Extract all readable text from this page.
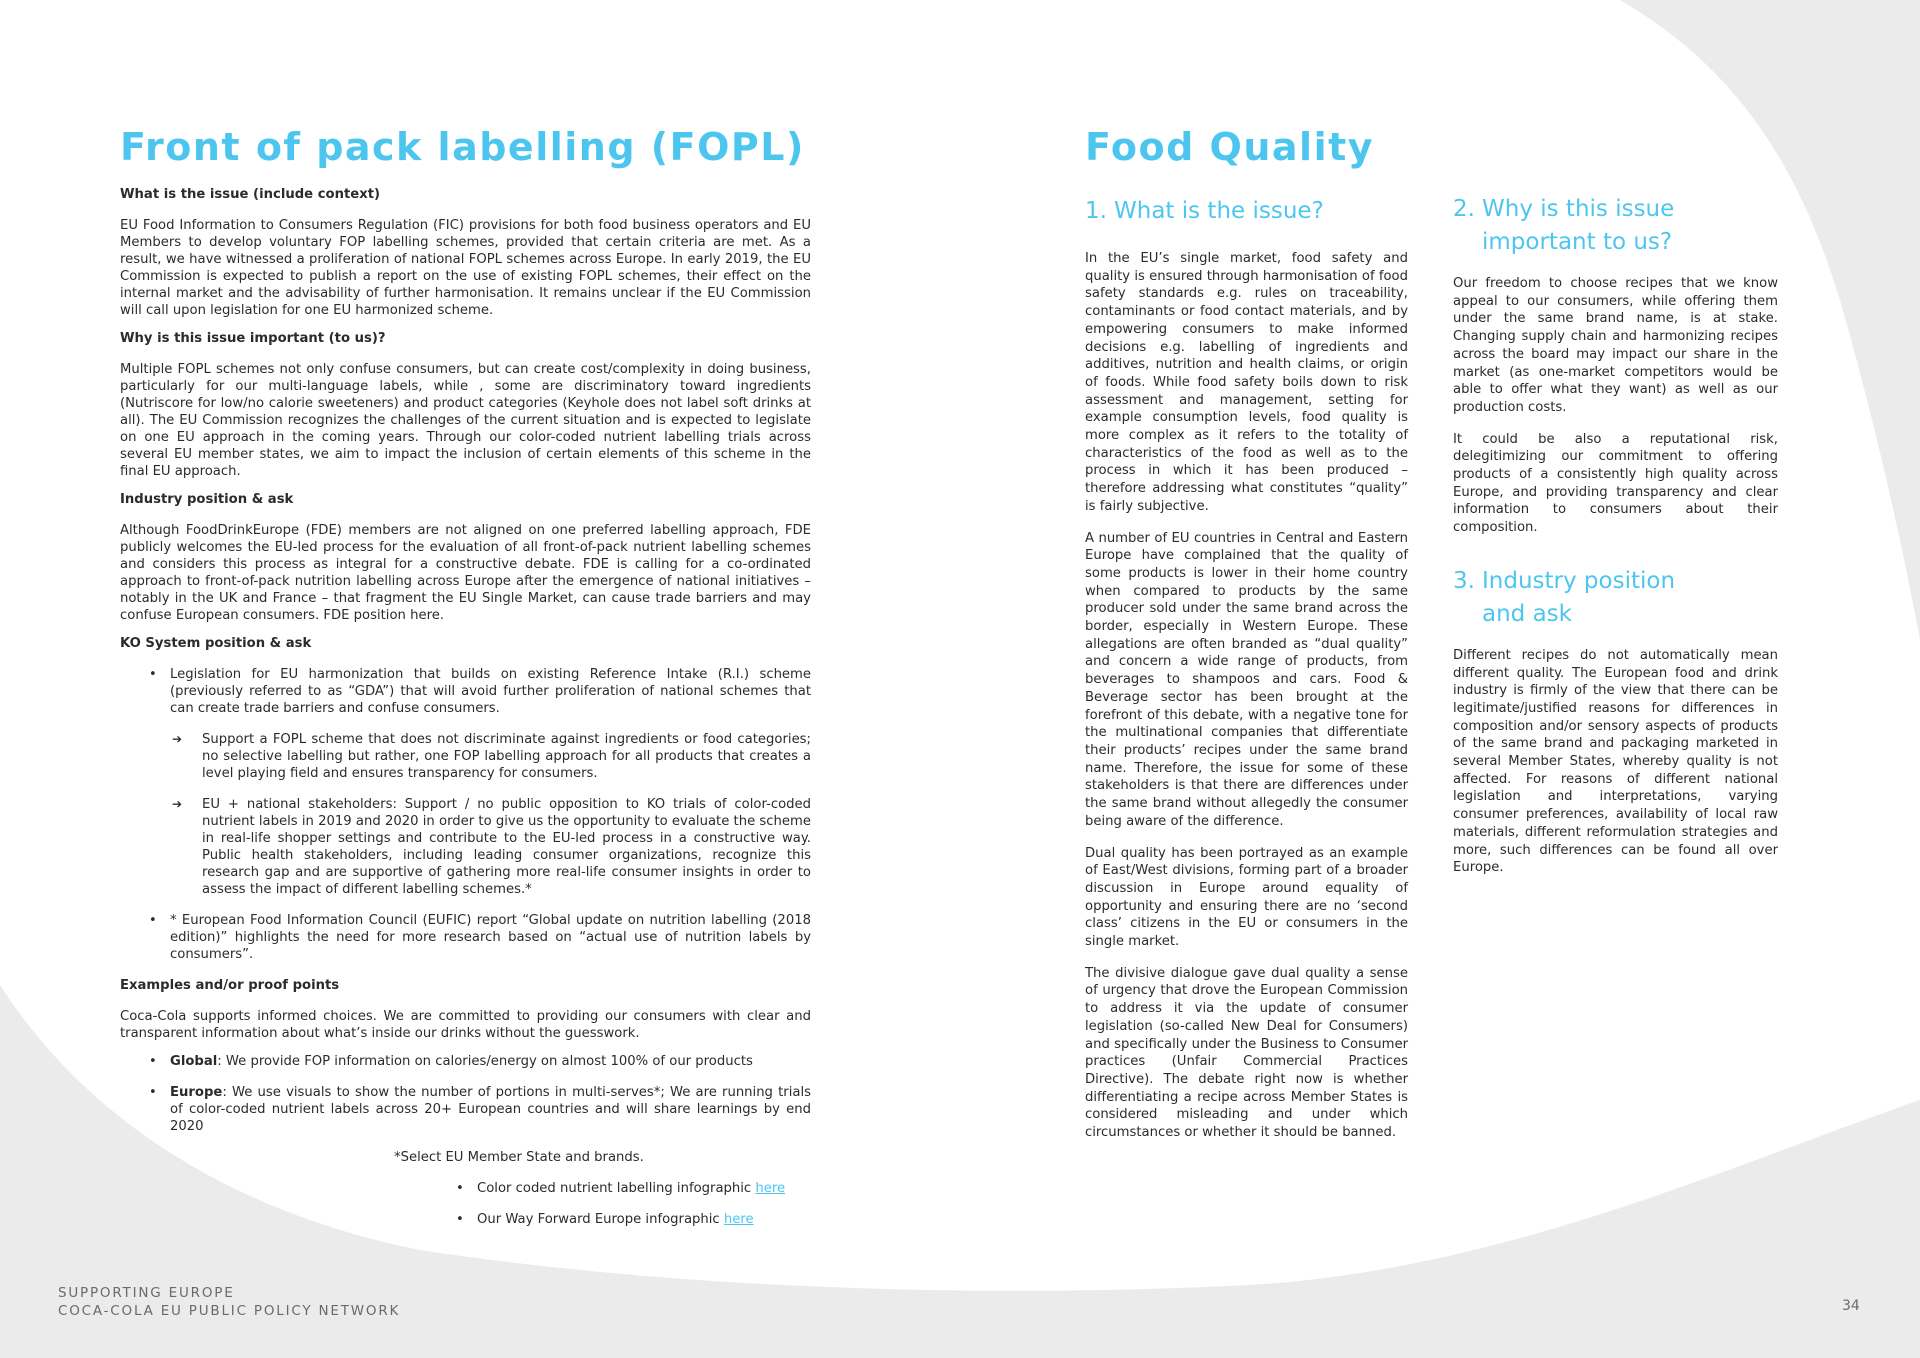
Front of pack labelling (FOPL)
What is the issue (include context)
EU Food Information to Consumers Regulation (FIC) provisions for both food business operators and EU Members to develop voluntary FOP labelling schemes, provided that certain criteria are met. As a result, we have witnessed a proliferation of national FOPL schemes across Europe. In early 2019, the EU Commission is expected to publish a report on the use of existing FOPL schemes, their effect on the internal market and the advisability of further harmonisation. It remains unclear if the EU Commission will call upon legislation for one EU harmonized scheme.
Why is this issue important (to us)?
Multiple FOPL schemes not only confuse consumers, but can create cost/complexity in doing business, particularly for our multi-language labels, while , some are discriminatory toward ingredients (Nutriscore for low/no calorie sweeteners) and product categories (Keyhole does not label soft drinks at all). The EU Commission recognizes the challenges of the current situation and is expected to legislate on one EU approach in the coming years. Through our color-coded nutrient labelling trials across several EU member states, we aim to impact the inclusion of certain elements of this scheme in the final EU approach.
Industry position & ask
Although FoodDrinkEurope (FDE) members are not aligned on one preferred labelling approach, FDE publicly welcomes the EU-led process for the evaluation of all front-of-pack nutrient labelling schemes and considers this process as integral for a constructive debate. FDE is calling for a co-ordinated approach to front-of-pack nutrition labelling across Europe after the emergence of national initiatives – notably in the UK and France – that fragment the EU Single Market, can cause trade barriers and may confuse European consumers. FDE position here.
KO System position & ask
• Legislation for EU harmonization that builds on existing Reference Intake (R.I.) scheme (previously referred to as “GDA”) that will avoid further proliferation of national schemes that can create trade barriers and confuse consumers.
➔ Support a FOPL scheme that does not discriminate against ingredients or food categories; no selective labelling but rather, one FOP labelling approach for all products that creates a level playing field and ensures transparency for consumers.
➔ EU + national stakeholders: Support / no public opposition to KO trials of color-coded nutrient labels in 2019 and 2020 in order to give us the opportunity to evaluate the scheme in real-life shopper settings and contribute to the EU-led process in a constructive way. Public health stakeholders, including leading consumer organizations, recognize this research gap and are supportive of gathering more real-life consumer insights in order to assess the impact of different labelling schemes.*
• * European Food Information Council (EUFIC) report “Global update on nutrition labelling (2018 edition)” highlights the need for more research based on “actual use of nutrition labels by consumers”.
Examples and/or proof points
Coca-Cola supports informed choices. We are committed to providing our consumers with clear and transparent information about what’s inside our drinks without the guesswork.
• Global: We provide FOP information on calories/energy on almost 100% of our products
• Europe: We use visuals to show the number of portions in multi-serves*; We are running trials of color-coded nutrient labels across 20+ European countries and will share learnings by end 2020
*Select EU Member State and brands.
• Color coded nutrient labelling infographic here
• Our Way Forward Europe infographic here
Food Quality
1. What is the issue?
In the EU’s single market, food safety and quality is ensured through harmonisation of food safety standards e.g. rules on traceability, contaminants or food contact materials, and by empowering consumers to make informed decisions e.g. labelling of ingredients and additives, nutrition and health claims, or origin of foods. While food safety boils down to risk assessment and management, setting for example consumption levels, food quality is more complex as it refers to the totality of characteristics of the food as well as to the process in which it has been produced – therefore addressing what constitutes “quality” is fairly subjective.
A number of EU countries in Central and Eastern Europe have complained that the quality of some products is lower in their home country when compared to products by the same producer sold under the same brand across the border, especially in Western Europe. These allegations are often branded as “dual quality” and concern a wide range of products, from beverages to shampoos and cars. Food & Beverage sector has been brought at the forefront of this debate, with a negative tone for the multinational companies that differentiate their products’ recipes under the same brand name. Therefore, the issue for some of these stakeholders is that there are differences under the same brand without allegedly the consumer being aware of the difference.
Dual quality has been portrayed as an example of East/West divisions, forming part of a broader discussion in Europe around equality of opportunity and ensuring there are no ‘second class’ citizens in the EU or consumers in the single market.
The divisive dialogue gave dual quality a sense of urgency that drove the European Commission to address it via the update of consumer legislation (so-called New Deal for Consumers) and specifically under the Business to Consumer practices (Unfair Commercial Practices Directive). The debate right now is whether differentiating a recipe across Member States is considered misleading and under which circumstances or whether it should be banned.
2. Why is this issue
important to us?
Our freedom to choose recipes that we know appeal to our consumers, while offering them under the same brand name, is at stake. Changing supply chain and harmonizing recipes across the board may impact our share in the market (as one-market competitors would be able to offer what they want) as well as our production costs.
It could be also a reputational risk, delegitimizing our commitment to offering products of a consistently high quality across Europe, and providing transparency and clear information to consumers about their composition.
3. Industry position
and ask
Different recipes do not automatically mean different quality. The European food and drink industry is firmly of the view that there can be legitimate/justified reasons for differences in composition and/or sensory aspects of products of the same brand and packaging marketed in several Member States, whereby quality is not affected. For reasons of different national legislation and interpretations, varying consumer preferences, availability of local raw materials, different reformulation strategies and more, such differences can be found all over Europe.
SUPPORTING EUROPE
COCA-COLA EU PUBLIC POLICY NETWORK	34
